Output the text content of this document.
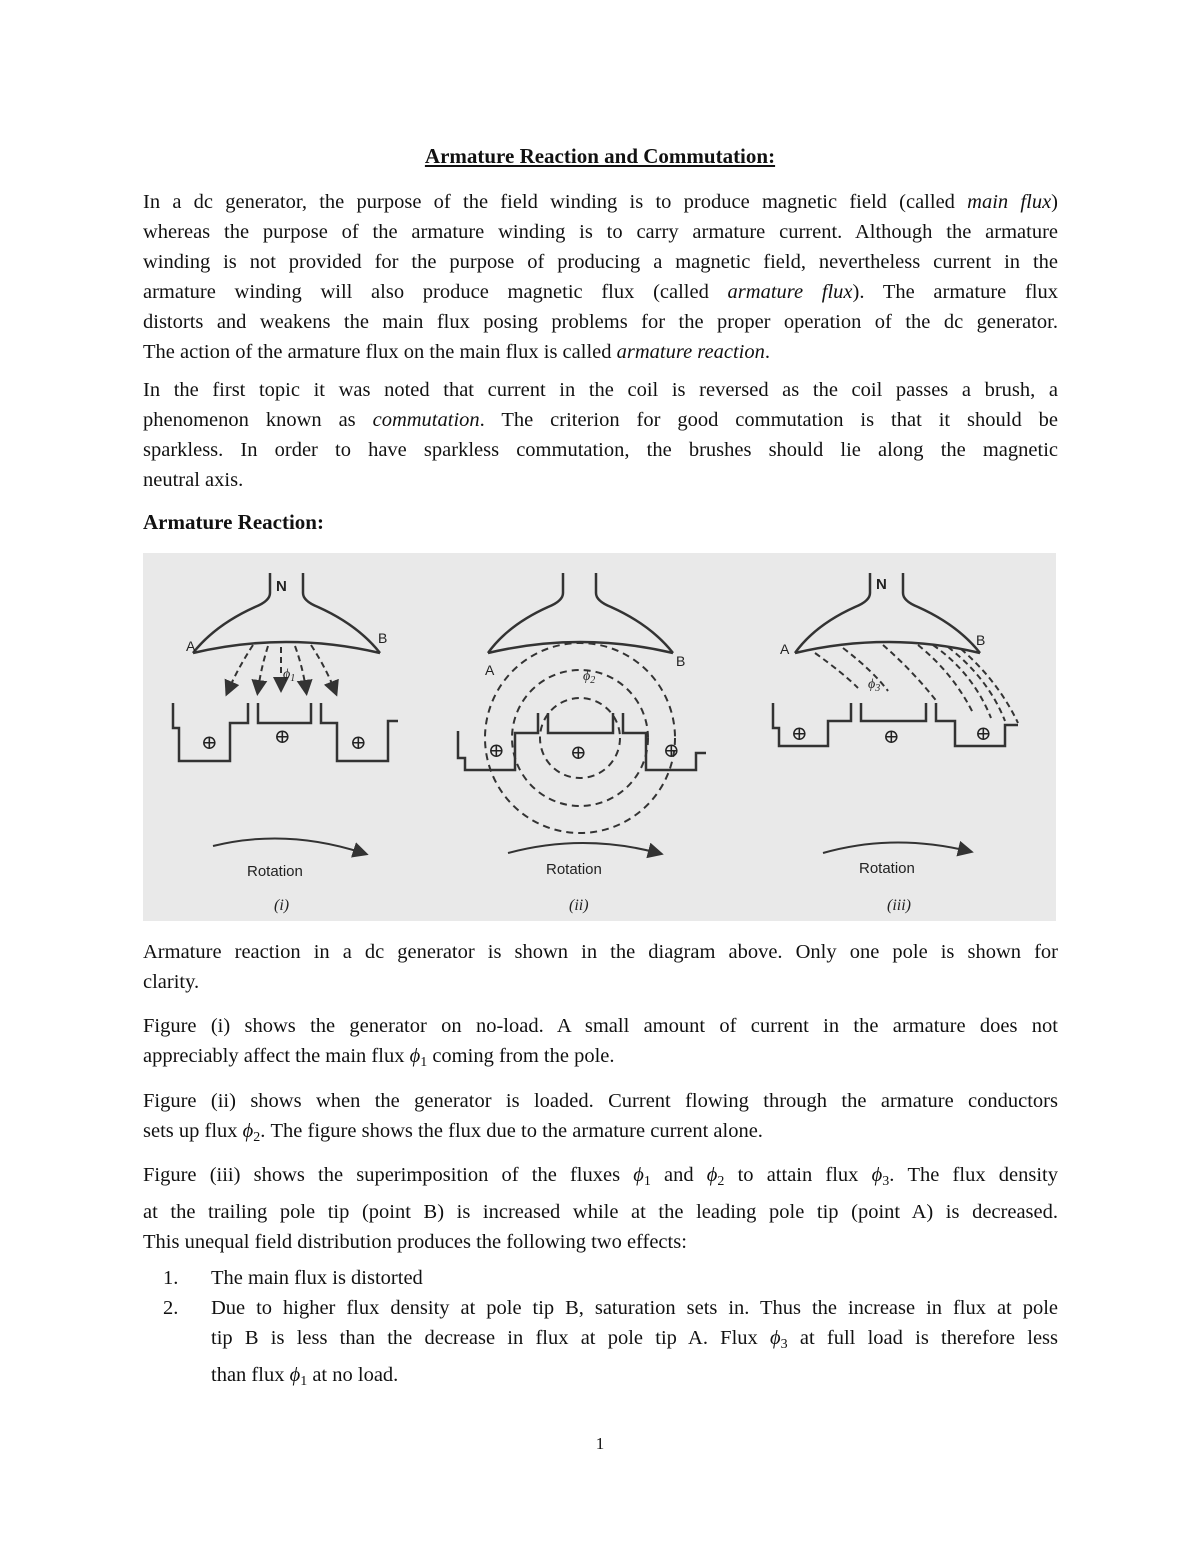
Armature Reaction and Commutation:
In a dc generator, the purpose of the field winding is to produce magnetic field (called main flux)
whereas the purpose of the armature winding is to carry armature current. Although the armature
winding is not provided for the purpose of producing a magnetic field, nevertheless current in the
armature winding will also produce magnetic flux (called armature flux). The armature flux
distorts and weakens the main flux posing problems for the proper operation of the dc generator.
The action of the armature flux on the main flux is called armature reaction.
In the first topic it was noted that current in the coil is reversed as the coil passes a brush, a
phenomenon known as commutation. The criterion for good commutation is that it should be
sparkless. In order to have sparkless commutation, the brushes should lie along the magnetic
neutral axis.
Armature Reaction:
N
A	B
$\phi_1$
⊕	⊕	⊕
Rotation
(i)
A
B
$\phi_2$
⊕	⊕	⊕
Rotation
(ii)
N
A
B
$\phi_3$
⊕	⊕	⊕
Rotation
(iii)
Armature reaction in a dc generator is shown in the diagram above. Only one pole is shown for
clarity.
Figure (i) shows the generator on no-load. A small amount of current in the armature does not
appreciably affect the main flux $\phi_1$ coming from the pole.
Figure (ii) shows when the generator is loaded. Current flowing through the armature conductors
sets up flux $\phi_2$. The figure shows the flux due to the armature current alone.
Figure (iii) shows the superimposition of the fluxes $\phi_1$ and $\phi_2$ to attain flux $\phi_3$. The flux density
at the trailing pole tip (point B) is increased while at the leading pole tip (point A) is decreased.
This unequal field distribution produces the following two effects:
1. The main flux is distorted
2. Due to higher flux density at pole tip B, saturation sets in. Thus the increase in flux at pole
tip B is less than the decrease in flux at pole tip A. Flux $\phi_3$ at full load is therefore less
than flux $\phi_1$ at no load.
1
